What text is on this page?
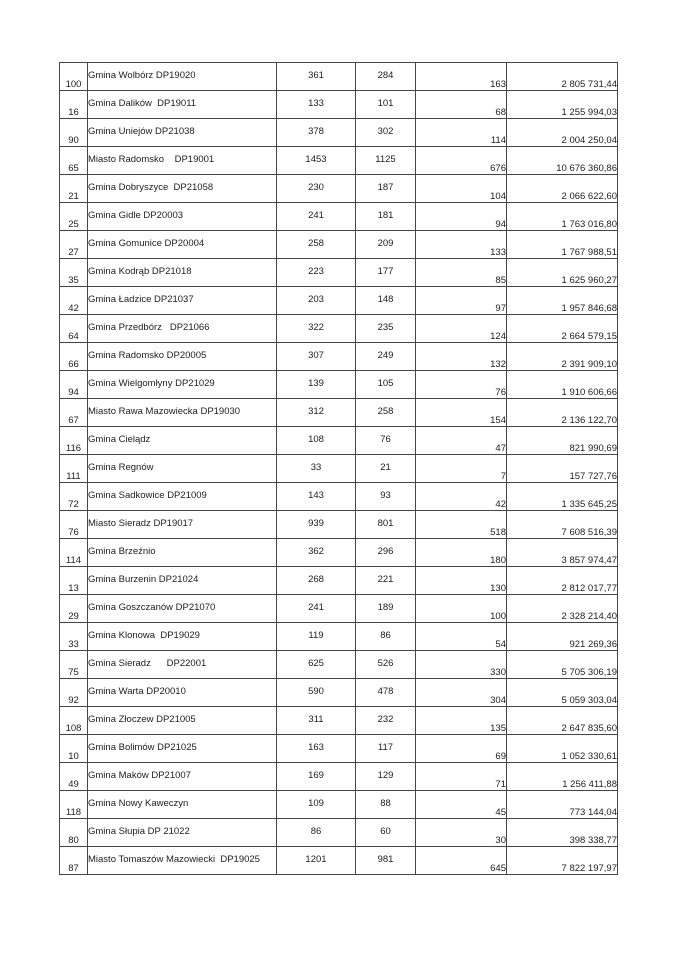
100	Gmina Wolbórz DP19020	361	284	163	2 805 731,44
16	Gmina Dalików  DP19011	133	101	68	1 255 994,03
90	Gmina Uniejów DP21038	378	302	114	2 004 250,04
65	Miasto Radomsko    DP19001	1453	1125	676	10 676 360,86
21	Gmina Dobryszyce  DP21058	230	187	104	2 066 622,60
25	Gmina Gidle DP20003	241	181	94	1 763 016,80
27	Gmina Gomunice DP20004	258	209	133	1 767 988,51
35	Gmina Kodrąb DP21018	223	177	85	1 625 960,27
42	Gmina Ładzice DP21037	203	148	97	1 957 846,68
64	Gmina Przedbórz   DP21066	322	235	124	2 664 579,15
66	Gmina Radomsko DP20005	307	249	132	2 391 909,10
94	Gmina Wielgomłyny DP21029	139	105	76	1 910 606,66
67	Miasto Rawa Mazowiecka DP19030	312	258	154	2 136 122,70
116	Gmina Cielądz	108	76	47	821 990,69
111	Gmina Regnów	33	21	7	157 727,76
72	Gmina Sadkowice DP21009	143	93	42	1 335 645,25
76	Miasto Sieradz DP19017	939	801	518	7 608 516,39
114	Gmina Brzeźnio	362	296	180	3 857 974,47
13	Gmina Burzenin DP21024	268	221	130	2 812 017,77
29	Gmina Goszczanów DP21070	241	189	100	2 328 214,40
33	Gmina Klonowa  DP19029	119	86	54	921 269,36
75	Gmina Sieradz      DP22001	625	526	330	5 705 306,19
92	Gmina Warta DP20010	590	478	304	5 059 303,04
108	Gmina Złoczew DP21005	311	232	135	2 647 835,60
10	Gmina Bolimów DP21025	163	117	69	1 052 330,61
49	Gmina Maków DP21007	169	129	71	1 256 411,88
118	Gmina Nowy Kaweczyn	109	88	45	773 144,04
80	Gmina Słupia DP 21022	86	60	30	398 338,77
87	Miasto Tomaszów Mazowiecki  DP19025	1201	981	645	7 822 197,97
